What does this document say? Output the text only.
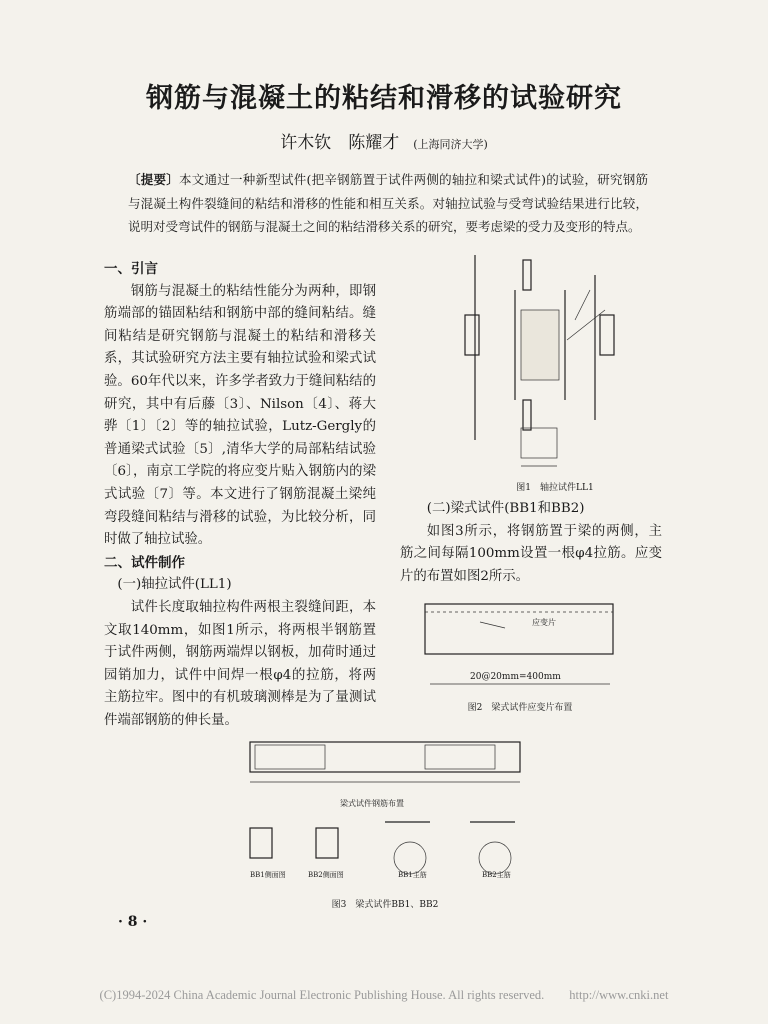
钢筋与混凝土的粘结和滑移的试验研究
许木钦　陈耀才 (上海同济大学)
〔提要〕本文通过一种新型试件(把辛钢筋置于试件两侧的轴拉和梁式试件)的试验，研究钢筋与混凝土构件裂缝间的粘结和滑移的性能和相互关系。对轴拉试验与受弯试验结果进行比较，说明对受弯试件的钢筋与混凝土之间的粘结滑移关系的研究，要考虑梁的受力及变形的特点。
一、引言

钢筋与混凝土的粘结性能分为两种，即钢筋端部的锚固粘结和钢筋中部的缝间粘结。缝间粘结是研究钢筋与混凝土的粘结和滑移关系，其试验研究方法主要有轴拉试验和梁式试验。60年代以来，许多学者致力于缝间粘结的研究，其中有后藤〔3〕、Nilson〔4〕、蒋大骅〔1〕〔2〕等的轴拉试验，Lutz-Gergly的普通梁式试验〔5〕,清华大学的局部粘结试验〔6〕，南京工学院的将应变片贴入钢筋内的梁式试验〔7〕等。本文进行了钢筋混凝土梁纯弯段缝间粘结与滑移的试验，为比较分析，同时做了轴拉试验。

二、试件制作
(一)轴拉试件(LL1)

试件长度取轴拉构件两根主裂缝间距，本文取140mm，如图1所示，将两根半钢筋置于试件两侧，钢筋两端焊以钢板，加荷时通过园销加力，试件中间焊一根φ4的拉筋，将两主筋拉牢。图中的有机玻璃测棒是为了量测试件端部钢筋的伸长量。

图1　轴拉试件LL1
(二)梁式试件(BB1和BB2)

如图3所示，将钢筋置于梁的两侧，主筋之间每隔100mm设置一根φ4拉筋。应变片的布置如图2所示。

20@20mm=400mm
应变片
图2　梁式试件应变片布置
梁式试件钢筋布置
BB1侧面图	BB2侧面图	BB1主筋	BB2主筋
图3　梁式试件BB1、BB2
· 8 ·
(C)1994-2024 China Academic Journal Electronic Publishing House. All rights reserved.　　http://www.cnki.net
